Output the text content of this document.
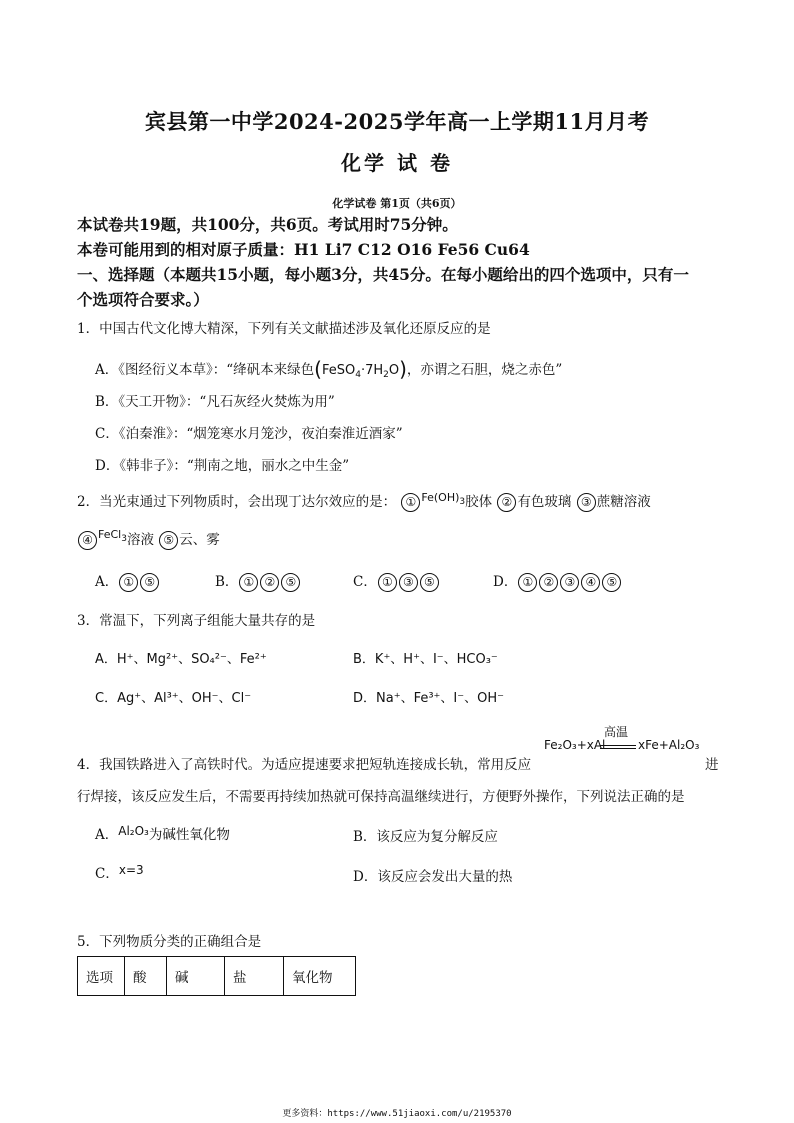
宾县第一中学2024-2025学年高一上学期11月月考
化学 试 卷
化学试卷 第1页（共6页）
本试卷共19题，共100分，共6页。考试用时75分钟。
本卷可能用到的相对原子质量：H1 Li7 C12 O16 Fe56 Cu64
一、选择题（本题共15小题，每小题3分，共45分。在每小题给出的四个选项中，只有一
个选项符合要求。）
1．中国古代文化博大精深，下列有关文献描述涉及氧化还原反应的是
A．《图经衍义本草》：“绛矾本来绿色$(FeSO_4\cdot 7H_2O)$，亦谓之石胆，烧之赤色”
B．《天工开物》：“凡石灰经火焚炼为用”
C．《泊秦淮》：“烟笼寒水月笼沙，夜泊秦淮近酒家”
D．《韩非子》：“荆南之地，丽水之中生金”
2．当光束通过下列物质时，会出现丁达尔效应的是： ① $^{Fe(OH)_3}$胶体 ② 有色玻璃 ③ 蔗糖溶液
④ $^{FeCl_3}$溶液 ⑤ 云、雾
A． ① ⑤	B． ① ② ⑤	C． ① ③ ⑤	D． ① ② ③ ④ ⑤
3．常温下，下列离子组能大量共存的是
A．H⁺、Mg²⁺、SO₄²⁻、Fe²⁺	B．K⁺、H⁺、I⁻、HCO₃⁻
C．Ag⁺、Al³⁺、OH⁻、Cl⁻	D．Na⁺、Fe³⁺、I⁻、OH⁻
Fe₂O₃+xAl
高温
xFe+Al₂O₃
4．我国铁路进入了高铁时代。为适应提速要求把短轨连接成长轨，常用反应	进
行焊接，该反应发生后，不需要再持续加热就可保持高温继续进行，方便野外操作，下列说法正确的是
A．Al₂O₃为碱性氧化物	B．该反应为复分解反应
C．x=3	D．该反应会发出大量的热
5．下列物质分类的正确组合是
选项	酸	碱	盐	氧化物
更多资料：https://www.51jiaoxi.com/u/2195370
